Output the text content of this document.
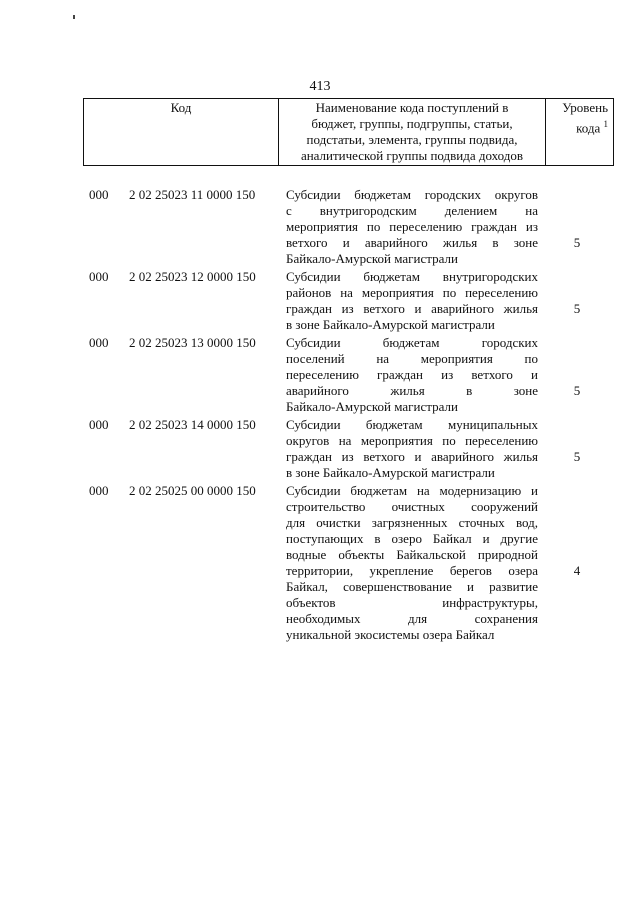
413
Код	Наименование кода поступлений в
бюджет, группы, подгруппы, статьи,
подстатьи, элемента, группы подвида,
аналитической группы подвида доходов

Уровень
кода $^1$
000	2 02 25023 11 0000 150	Субсидии бюджетам городских округов
с внутригородским делением на
мероприятия по переселению граждан из
ветхого и аварийного жилья в зоне
Байкало-Амурской магистрали
5
000	2 02 25023 12 0000 150	Субсидии бюджетам внутригородских
районов на мероприятия по переселению
граждан из ветхого и аварийного жилья
в зоне Байкало-Амурской магистрали
5
000	2 02 25023 13 0000 150	Субсидии бюджетам городских
поселений на мероприятия по
переселению граждан из ветхого и
аварийного жилья в зоне
Байкало-Амурской магистрали
5
000	2 02 25023 14 0000 150	Субсидии бюджетам муниципальных
округов на мероприятия по переселению
граждан из ветхого и аварийного жилья
в зоне Байкало-Амурской магистрали
5
000	2 02 25025 00 0000 150	Субсидии бюджетам на модернизацию и
строительство очистных сооружений
для очистки загрязненных сточных вод,
поступающих в озеро Байкал и другие
водные объекты Байкальской природной
территории, укрепление берегов озера
Байкал, совершенствование и развитие
объектов инфраструктуры,
необходимых для сохранения
уникальной экосистемы озера Байкал
4
